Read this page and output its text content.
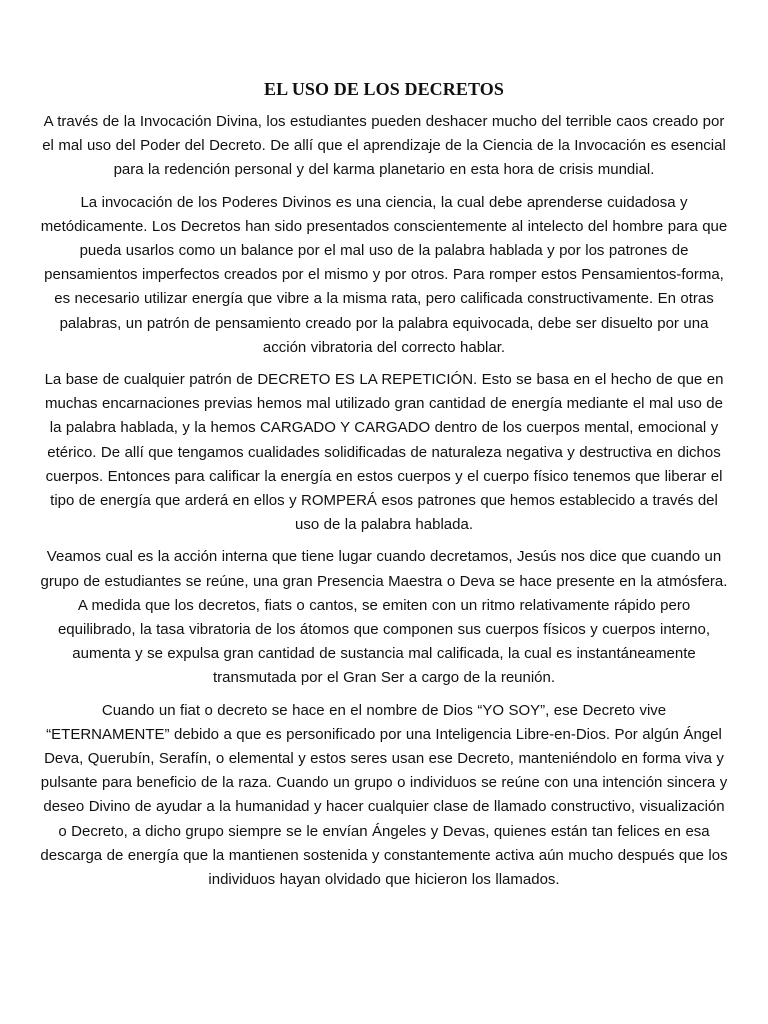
EL USO DE LOS DECRETOS

A través de la Invocación Divina, los estudiantes pueden deshacer mucho del terrible caos creado por el mal uso del Poder del Decreto. De allí que el aprendizaje de la Ciencia de la Invocación es esencial para la redención personal y del karma planetario en esta hora de crisis mundial.

La invocación de los Poderes Divinos es una ciencia, la cual debe aprenderse cuidadosa y metódicamente. Los Decretos han sido presentados conscientemente al intelecto del hombre para que pueda usarlos como un balance por el mal uso de la palabra hablada y por los patrones de pensamientos imperfectos creados por el mismo y por otros. Para romper estos Pensamientos-forma, es necesario utilizar energía que vibre a la misma rata, pero calificada constructivamente. En otras palabras, un patrón de pensamiento creado por la palabra equivocada, debe ser disuelto por una acción vibratoria del correcto hablar.

La base de cualquier patrón de DECRETO ES LA REPETICIÓN. Esto se basa en el hecho de que en muchas encarnaciones previas hemos mal utilizado gran cantidad de energía mediante el mal uso de la palabra hablada, y la hemos CARGADO Y CARGADO dentro de los cuerpos mental, emocional y etérico. De allí que tengamos cualidades solidificadas de naturaleza negativa y destructiva en dichos cuerpos. Entonces para calificar la energía en estos cuerpos y el cuerpo físico tenemos que liberar el tipo de energía que arderá en ellos y ROMPERÁ esos patrones que hemos establecido a través del uso de la palabra hablada.

Veamos cual es la acción interna que tiene lugar cuando decretamos, Jesús nos dice que cuando un grupo de estudiantes se reúne, una gran Presencia Maestra o Deva se hace presente en la atmósfera. A medida que los decretos, fiats o cantos, se emiten con un ritmo relativamente rápido pero equilibrado, la tasa vibratoria de los átomos que componen sus cuerpos físicos y cuerpos interno, aumenta y se expulsa gran cantidad de sustancia mal calificada, la cual es instantáneamente transmutada por el Gran Ser a cargo de la reunión.

Cuando un fiat o decreto se hace en el nombre de Dios “YO SOY”, ese Decreto vive “ETERNAMENTE” debido a que es personificado por una Inteligencia Libre-en-Dios. Por algún Ángel Deva, Querubín, Serafín, o elemental y estos seres usan ese Decreto, manteniéndolo en forma viva y pulsante para beneficio de la raza. Cuando un grupo o individuos se reúne con una intención sincera y deseo Divino de ayudar a la humanidad y hacer cualquier clase de llamado constructivo, visualización o Decreto, a dicho grupo siempre se le envían Ángeles y Devas, quienes están tan felices en esa descarga de energía que la mantienen sostenida y constantemente activa aún mucho después que los individuos hayan olvidado que hicieron los llamados.
